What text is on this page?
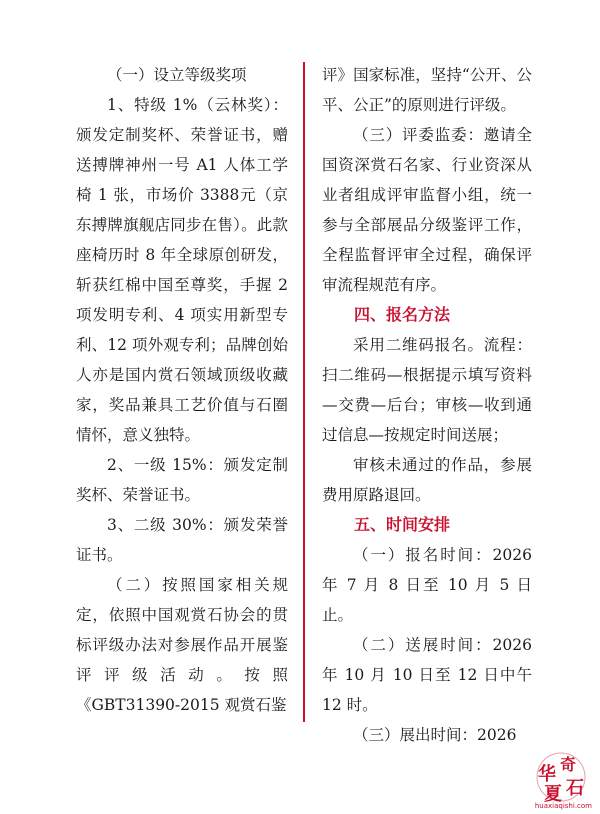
（一）设立等级奖项

1、特级 1%（云林奖）：颁发定制奖杯、荣誉证书，赠送搏牌神州一号 A1 人体工学椅 1 张，市场价 3388元（京东搏牌旗舰店同步在售）。此款座椅历时 8 年全球原创研发，斩获红棉中国至尊奖，手握 2 项发明专利、4 项实用新型专利、12 项外观专利；品牌创始人亦是国内赏石领域顶级收藏家，奖品兼具工艺价值与石圈情怀，意义独特。

2、一级 15%：颁发定制奖杯、荣誉证书。

3、二级 30%：颁发荣誉证书。

（二）按照国家相关规定，依照中国观赏石协会的贯标评级办法对参展作品开展鉴评评级活动。按照《GBT31390-2015 观赏石鉴

评》国家标准，坚持“公开、公平、公正”的原则进行评级。

（三）评委监委：邀请全国资深赏石名家、行业资深从业者组成评审监督小组，统一参与全部展品分级鉴评工作，全程监督评审全过程，确保评审流程规范有序。

四、报名方法

采用二维码报名。流程：扫二维码—根据提示填写资料—交费—后台；审核—收到通过信息—按规定时间送展；

审核未通过的作品，参展费用原路退回。

五、时间安排

（一）报名时间：2026 年 7 月 8 日至 10 月 5 日止。

（二）送展时间：2026 年 10 月 10 日至 12 日中午 12 时。

（三）展出时间：2026

华 奇
夏 石
huaxiaqishi.com
